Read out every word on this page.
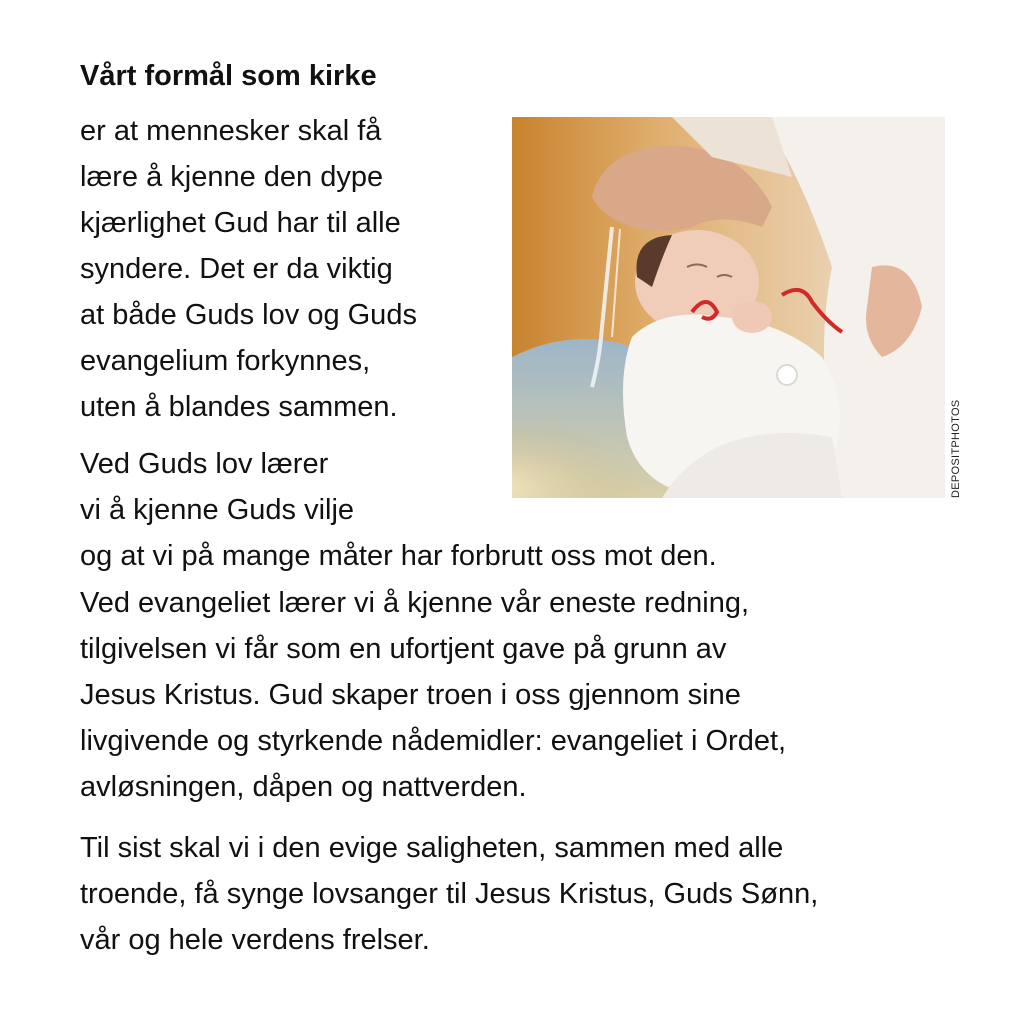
Vårt formål som kirke

er at mennesker skal få

lære å kjenne den dype

kjærlighet Gud har til alle

syndere. Det er da viktig

at både Guds lov og Guds

evangelium forkynnes,

uten å blandes sammen.

Ved Guds lov lærer

vi å kjenne Guds vilje

og at vi på mange måter har forbrutt oss mot den.

Ved evangeliet lærer vi å kjenne vår eneste redning,

tilgivelsen vi får som en ufortjent gave på grunn av

Jesus Kristus. Gud skaper troen i oss gjennom sine

livgivende og styrkende nådemidler: evangeliet i Ordet,

avløsningen, dåpen og nattverden.

Til sist skal vi i den evige saligheten, sammen med alle

troende, få synge lovsanger til Jesus Kristus, Guds Sønn,

vår og hele verdens frelser.

DEPOSITPHOTOS
